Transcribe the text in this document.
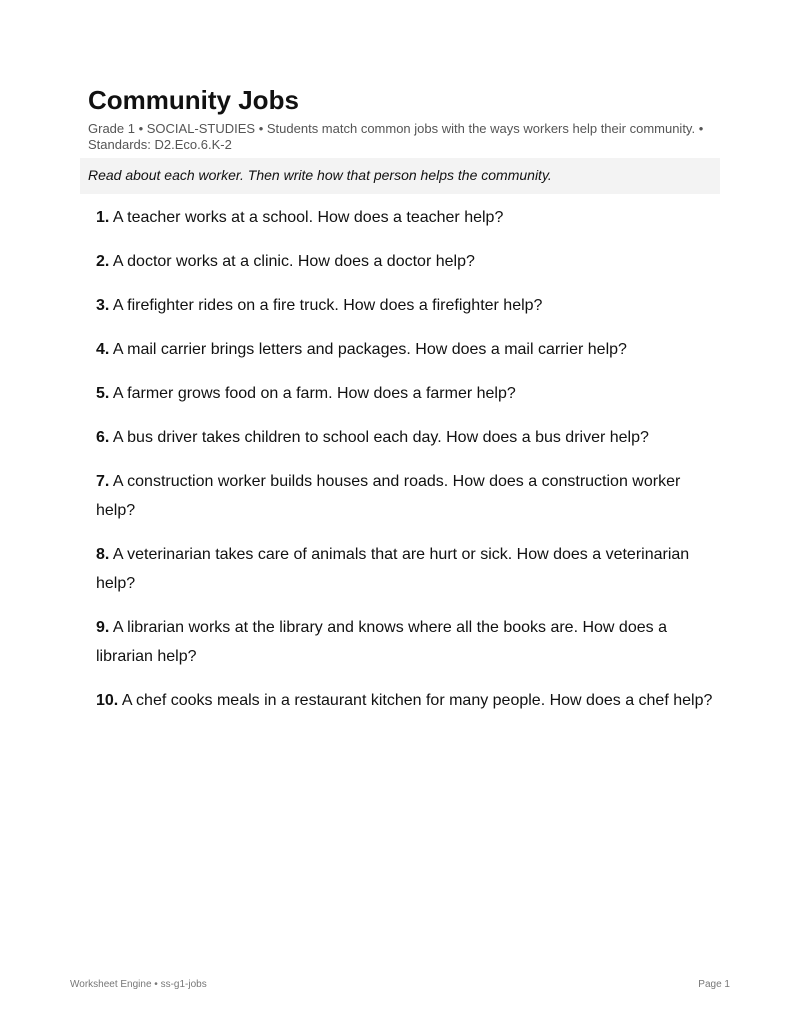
Community Jobs
Grade 1 • SOCIAL-STUDIES • Students match common jobs with the ways workers help their community. • Standards: D2.Eco.6.K-2
Read about each worker. Then write how that person helps the community.
1. A teacher works at a school. How does a teacher help?
2. A doctor works at a clinic. How does a doctor help?
3. A firefighter rides on a fire truck. How does a firefighter help?
4. A mail carrier brings letters and packages. How does a mail carrier help?
5. A farmer grows food on a farm. How does a farmer help?
6. A bus driver takes children to school each day. How does a bus driver help?
7. A construction worker builds houses and roads. How does a construction worker help?
8. A veterinarian takes care of animals that are hurt or sick. How does a veterinarian help?
9. A librarian works at the library and knows where all the books are. How does a librarian help?
10. A chef cooks meals in a restaurant kitchen for many people. How does a chef help?
Worksheet Engine • ss-g1-jobs	Page 1
